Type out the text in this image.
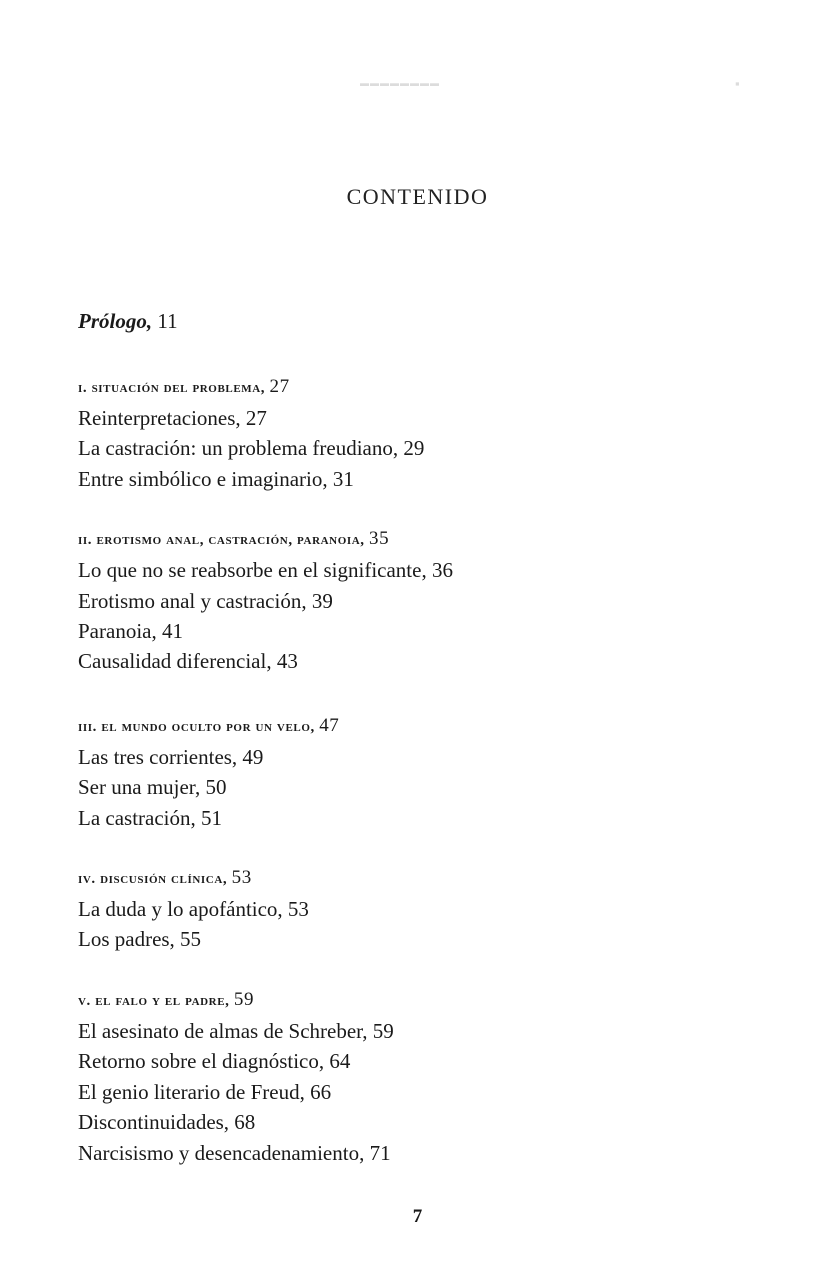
▬▬▬▬▬▬▬▬	▪
CONTENIDO
Prólogo, 11
i. situación del problema, 27
Reinterpretaciones, 27
La castración: un problema freudiano, 29
Entre simbólico e imaginario, 31
ii. erotismo anal, castración, paranoia, 35
Lo que no se reabsorbe en el significante, 36
Erotismo anal y castración, 39
Paranoia, 41
Causalidad diferencial, 43
iii. el mundo oculto por un velo, 47
Las tres corrientes, 49
Ser una mujer, 50
La castración, 51
iv. discusión clínica, 53
La duda y lo apofántico, 53
Los padres, 55
v. el falo y el padre, 59
El asesinato de almas de Schreber, 59
Retorno sobre el diagnóstico, 64
El genio literario de Freud, 66
Discontinuidades, 68
Narcisismo y desencadenamiento, 71
7
